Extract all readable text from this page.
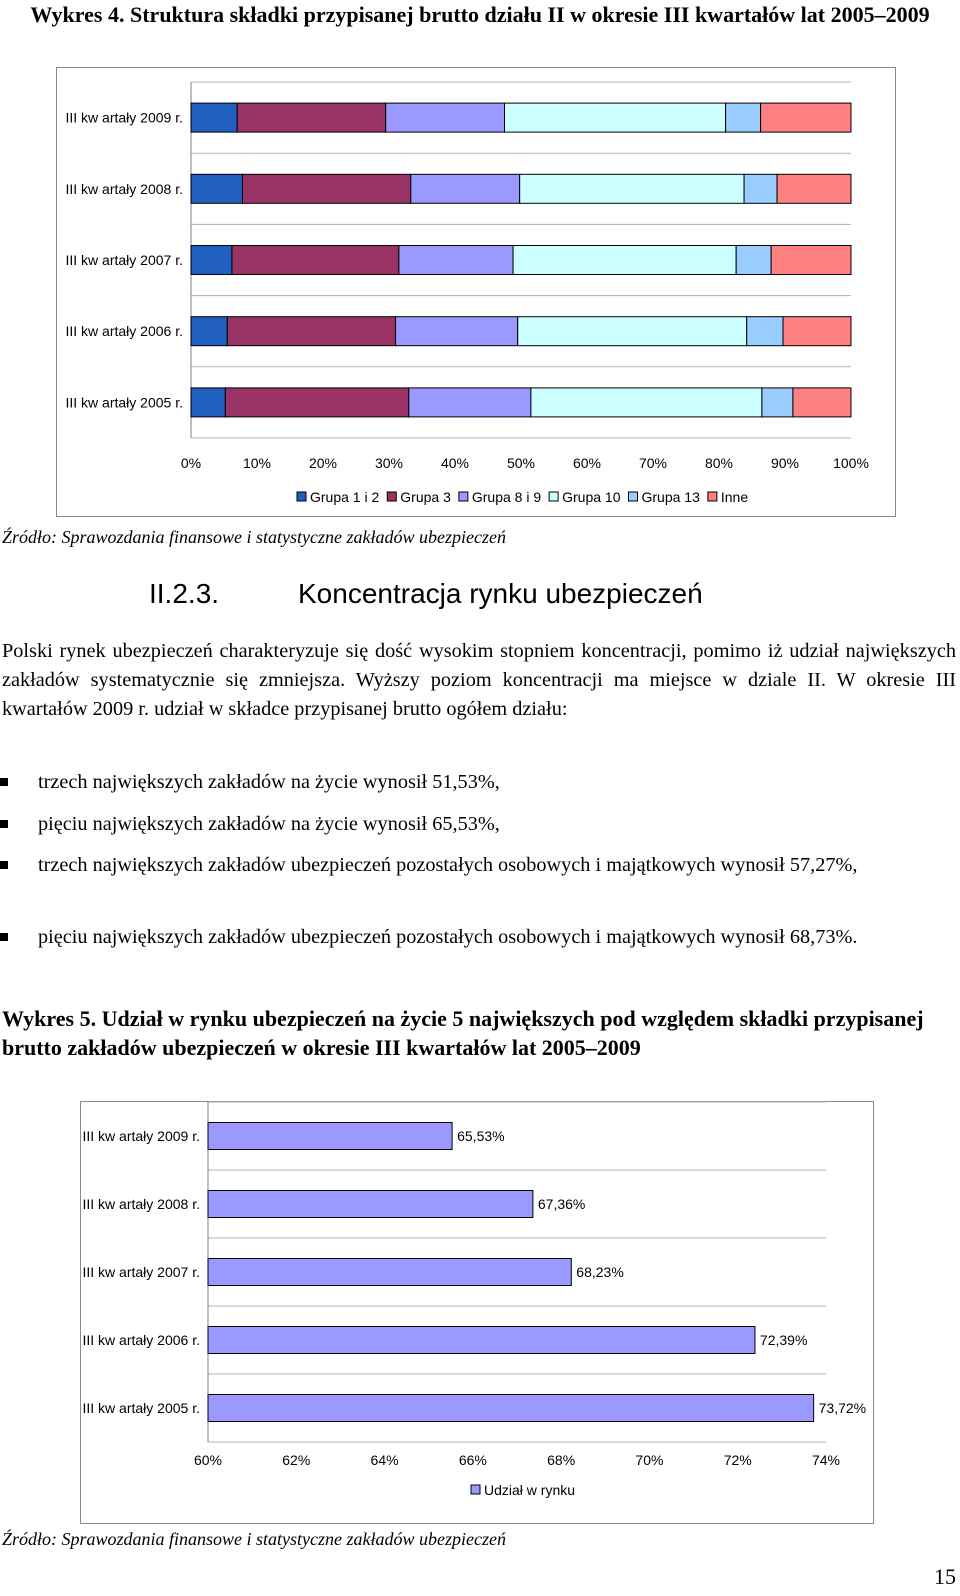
Wykres 4. Struktura składki przypisanej brutto działu II w okresie III kwartałów lat 2005–2009
III kw artały 2009 r.
III kw artały 2008 r.
III kw artały 2007 r.
III kw artały 2006 r.
III kw artały 2005 r.
0%	10%	20%	30%	40%	50%	60%	70%	80%	90% 100%
Grupa 1 i 2 Grupa 3 Grupa 8 i 9 Grupa 10 Grupa 13 Inne
Źródło: Sprawozdania finansowe i statystyczne zakładów ubezpieczeń
II.2.3.	Koncentracja rynku ubezpieczeń
Polski rynek ubezpieczeń charakteryzuje się dość wysokim stopniem koncentracji, pomimo iż udział największych zakładów systematycznie się zmniejsza. Wyższy poziom koncentracji ma miejsce w dziale II. W okresie III kwartałów 2009 r. udział w składce przypisanej brutto ogółem działu:
trzech największych zakładów na życie wynosił 51,53%,
pięciu największych zakładów na życie wynosił 65,53%,
trzech największych zakładów ubezpieczeń pozostałych osobowych i majątkowych wynosił 57,27%,
pięciu największych zakładów ubezpieczeń pozostałych osobowych i majątkowych wynosił 68,73%.
Wykres 5. Udział w rynku ubezpieczeń na życie 5 największych pod względem składki przypisanej brutto zakładów ubezpieczeń w okresie III kwartałów lat 2005–2009
III kw artały 2009 r.	65,53%
III kw artały 2008 r.	67,36%
III kw artały 2007 r.	68,23%
III kw artały 2006 r.	72,39%
III kw artały 2005 r.	73,72%
60%	62%	64%	66%	68%	70%	72%	74%
Udział w rynku
Źródło: Sprawozdania finansowe i statystyczne zakładów ubezpieczeń
15
